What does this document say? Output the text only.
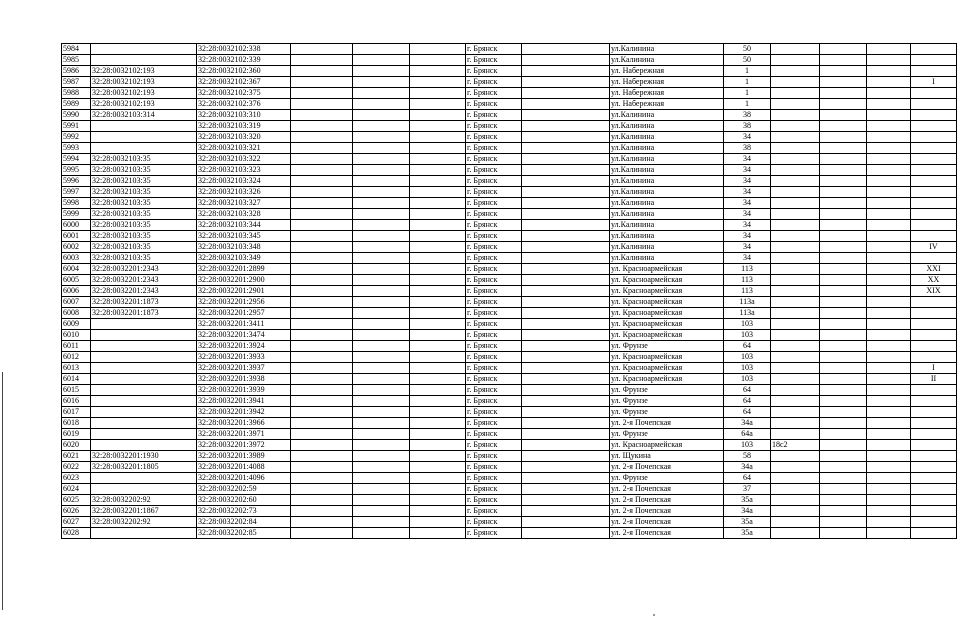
5984		32:28:0032102:338				г. Брянск		ул.Калинина	50				
5985		32:28:0032102:339				г. Брянск		ул.Калинина	50				
5986	32:28:0032102:193	32:28:0032102:360				г. Брянск		ул. Набережная	1				
5987	32:28:0032102:193	32:28:0032102:367				г. Брянск		ул. Набережная	1				I
5988	32:28:0032102:193	32:28:0032102:375				г. Брянск		ул. Набережная	1				
5989	32:28:0032102:193	32:28:0032102:376				г. Брянск		ул. Набережная	1				
5990	32:28:0032103:314	32:28:0032103:310				г. Брянск		ул.Калинина	38				
5991		32:28:0032103:319				г. Брянск		ул.Калинина	38				
5992		32:28:0032103:320				г. Брянск		ул.Калинина	34				
5993		32:28:0032103:321				г. Брянск		ул.Калинина	38				
5994	32:28:0032103:35	32:28:0032103:322				г. Брянск		ул.Калинина	34				
5995	32:28:0032103:35	32:28:0032103:323				г. Брянск		ул.Калинина	34				
5996	32:28:0032103:35	32:28:0032103:324				г. Брянск		ул.Калинина	34				
5997	32:28:0032103:35	32:28:0032103:326				г. Брянск		ул.Калинина	34				
5998	32:28:0032103:35	32:28:0032103:327				г. Брянск		ул.Калинина	34				
5999	32:28:0032103:35	32:28:0032103:328				г. Брянск		ул.Калинина	34				
6000	32:28:0032103:35	32:28:0032103:344				г. Брянск		ул.Калинина	34				
6001	32:28:0032103:35	32:28:0032103:345				г. Брянск		ул.Калинина	34				
6002	32:28:0032103:35	32:28:0032103:348				г. Брянск		ул.Калинина	34				IV
6003	32:28:0032103:35	32:28:0032103:349				г. Брянск		ул.Калинина	34				
6004	32:28:0032201:2343	32:28:0032201:2899				г. Брянск		ул. Красноармейская	113				XXI
6005	32:28:0032201:2343	32:28:0032201:2900				г. Брянск		ул. Красноармейская	113				XX
6006	32:28:0032201:2343	32:28:0032201:2901				г. Брянск		ул. Красноармейская	113				XIX
6007	32:28:0032201:1873	32:28:0032201:2956				г. Брянск		ул. Красноармейская	113а				
6008	32:28:0032201:1873	32:28:0032201:2957				г. Брянск		ул. Красноармейская	113а				
6009		32:28:0032201:3411				г. Брянск		ул. Красноармейская	103				
6010		32:28:0032201:3474				г. Брянск		ул. Красноармейская	103				
6011		32:28:0032201:3924				г. Брянск		ул. Фрунзе	64				
6012		32:28:0032201:3933				г. Брянск		ул. Красноармейская	103				
6013		32:28:0032201:3937				г. Брянск		ул. Красноармейская	103				I
6014		32:28:0032201:3938				г. Брянск		ул. Красноармейская	103				II
6015		32:28:0032201:3939				г. Брянск		ул. Фрунзе	64				
6016		32:28:0032201:3941				г. Брянск		ул. Фрунзе	64				
6017		32:28:0032201:3942				г. Брянск		ул. Фрунзе	64				
6018		32:28:0032201:3966				г. Брянск		ул. 2-я Почепская	34а				
6019		32:28:0032201:3971				г. Брянск		ул. Фрунзе	64а				
6020		32:28:0032201:3972				г. Брянск		ул. Красноармейская	103	18с2			
6021	32:28:0032201:1930	32:28:0032201:3989				г. Брянск		ул. Щукина	58				
6022	32:28:0032201:1805	32:28:0032201:4088				г. Брянск		ул. 2-я Почепская	34а				
6023		32:28:0032201:4096				г. Брянск		ул. Фрунзе	64				
6024		32:28:0032202:59				г. Брянск		ул. 2-я Почепская	37				
6025	32:28:0032202:92	32:28:0032202:60				г. Брянск		ул. 2-я Почепская	35а				
6026	32:28:0032201:1867	32:28:0032202:73				г. Брянск		ул. 2-я Почепская	34а				
6027	32:28:0032202:92	32:28:0032202:84				г. Брянск		ул. 2-я Почепская	35а				
6028		32:28:0032202:85				г. Брянск		ул. 2-я Почепская	35а				
